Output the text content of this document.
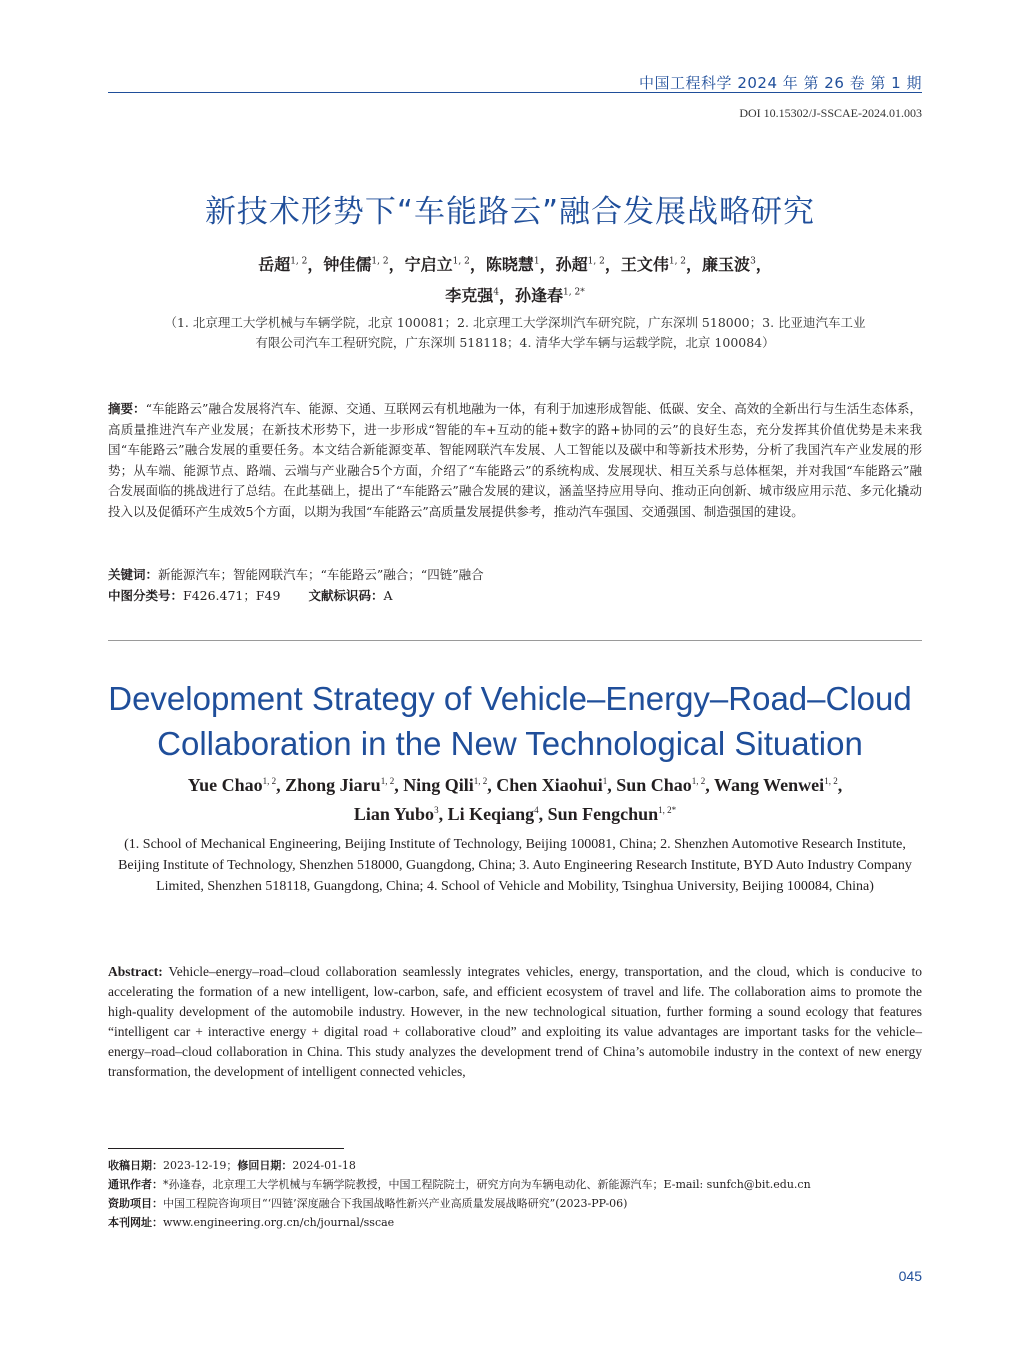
中国工程科学 2024 年 第 26 卷 第 1 期
DOI 10.15302/J-SSCAE-2024.01.003
新技术形势下“车能路云”融合发展战略研究
岳超$^{1, 2}$，钟佳儒$^{1, 2}$，宁启立$^{1, 2}$，陈晓慧$^1$，孙超$^{1, 2}$，王文伟$^{1, 2}$，廉玉波$^3$，
李克强$^4$，孙逢春$^{1, 2*}$
（1. 北京理工大学机械与车辆学院，北京 100081；2. 北京理工大学深圳汽车研究院，广东深圳 518000；3. 比亚迪汽车工业
有限公司汽车工程研究院，广东深圳 518118；4. 清华大学车辆与运载学院，北京 100084）
摘要：“车能路云”融合发展将汽车、能源、交通、互联网云有机地融为一体，有利于加速形成智能、低碳、安全、高效的全新出行与生活生态体系，高质量推进汽车产业发展；在新技术形势下，进一步形成“智能的车+互动的能+数字的路+协同的云”的良好生态，充分发挥其价值优势是未来我国“车能路云”融合发展的重要任务。本文结合新能源变革、智能网联汽车发展、人工智能以及碳中和等新技术形势，分析了我国汽车产业发展的形势；从车端、能源节点、路端、云端与产业融合5个方面，介绍了“车能路云”的系统构成、发展现状、相互关系与总体框架，并对我国“车能路云”融合发展面临的挑战进行了总结。在此基础上，提出了“车能路云”融合发展的建议，涵盖坚持应用导向、推动正向创新、城市级应用示范、多元化撬动投入以及促循环产生成效5个方面，以期为我国“车能路云”高质量发展提供参考，推动汽车强国、交通强国、制造强国的建设。
关键词：新能源汽车；智能网联汽车；“车能路云”融合；“四链”融合
中图分类号：F426.471；F49 文献标识码：A
Development Strategy of Vehicle–Energy–Road–Cloud
Collaboration in the New Technological Situation
Yue Chao$^{1, 2}$, Zhong Jiaru$^{1, 2}$, Ning Qili$^{1, 2}$, Chen Xiaohui$^1$, Sun Chao$^{1, 2}$, Wang Wenwei$^{1, 2}$,
Lian Yubo$^3$, Li Keqiang$^4$, Sun Fengchun$^{1, 2*}$
(1. School of Mechanical Engineering, Beijing Institute of Technology, Beijing 100081, China; 2. Shenzhen Automotive Research Institute, Beijing Institute of Technology, Shenzhen 518000, Guangdong, China; 3. Auto Engineering Research Institute, BYD Auto Industry Company Limited, Shenzhen 518118, Guangdong, China; 4. School of Vehicle and Mobility, Tsinghua University, Beijing 100084, China)
Abstract: Vehicle–energy–road–cloud collaboration seamlessly integrates vehicles, energy, transportation, and the cloud, which is conducive to accelerating the formation of a new intelligent, low-carbon, safe, and efficient ecosystem of travel and life. The collaboration aims to promote the high-quality development of the automobile industry. However, in the new technological situation, further forming a sound ecology that features “intelligent car + interactive energy + digital road + collaborative cloud” and exploiting its value advantages are important tasks for the vehicle–energy–road–cloud collaboration in China. This study analyzes the development trend of China’s automobile industry in the context of new energy transformation, the development of intelligent connected vehicles,
收稿日期：2023-12-19；修回日期：2024-01-18
通讯作者：*孙逢春，北京理工大学机械与车辆学院教授，中国工程院院士，研究方向为车辆电动化、新能源汽车；E-mail: sunfch@bit.edu.cn
资助项目：中国工程院咨询项目“‘四链’深度融合下我国战略性新兴产业高质量发展战略研究”(2023-PP-06)
本刊网址：www.engineering.org.cn/ch/journal/sscae
045
